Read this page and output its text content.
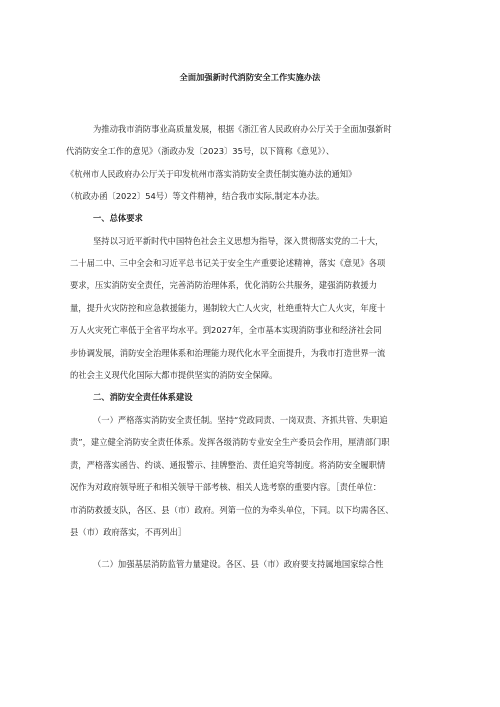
全面加强新时代消防安全工作实施办法

为推动我市消防事业高质量发展，根据《浙江省人民政府办公厅关于全面加强新时

代消防安全工作的意见》（浙政办发〔2023〕35号，以下简称《意见》）、

《杭州市人民政府办公厅关于印发杭州市落实消防安全责任制实施办法的通知》

（杭政办函〔2022〕54号）等文件精神，结合我市实际,制定本办法。

一、总体要求

坚持以习近平新时代中国特色社会主义思想为指导，深入贯彻落实党的二十大，

二十届二中、三中全会和习近平总书记关于安全生产重要论述精神，落实《意见》各项

要求，压实消防安全责任，完善消防治理体系，优化消防公共服务，建强消防救援力

量，提升火灾防控和应急救援能力，遏制较大亡人火灾，杜绝重特大亡人火灾，年度十

万人火灾死亡率低于全省平均水平。到2027年，全市基本实现消防事业和经济社会同

步协调发展，消防安全治理体系和治理能力现代化水平全面提升，为我市打造世界一流

的社会主义现代化国际大都市提供坚实的消防安全保障。

二、消防安全责任体系建设

（一）严格落实消防安全责任制。坚持“党政同责、一岗双责、齐抓共管、失职追

责”，建立健全消防安全责任体系。发挥各级消防专业安全生产委员会作用，厘清部门职

责，严格落实函告、约谈、通报警示、挂牌整治、责任追究等制度。将消防安全履职情

况作为对政府领导班子和相关领导干部考核、相关人选考察的重要内容。［责任单位：

市消防救援支队，各区、县（市）政府。列第一位的为牵头单位，下同。以下均需各区、

县（市）政府落实，不再列出］

（二）加强基层消防监管力量建设。各区、县（市）政府要支持属地国家综合性
